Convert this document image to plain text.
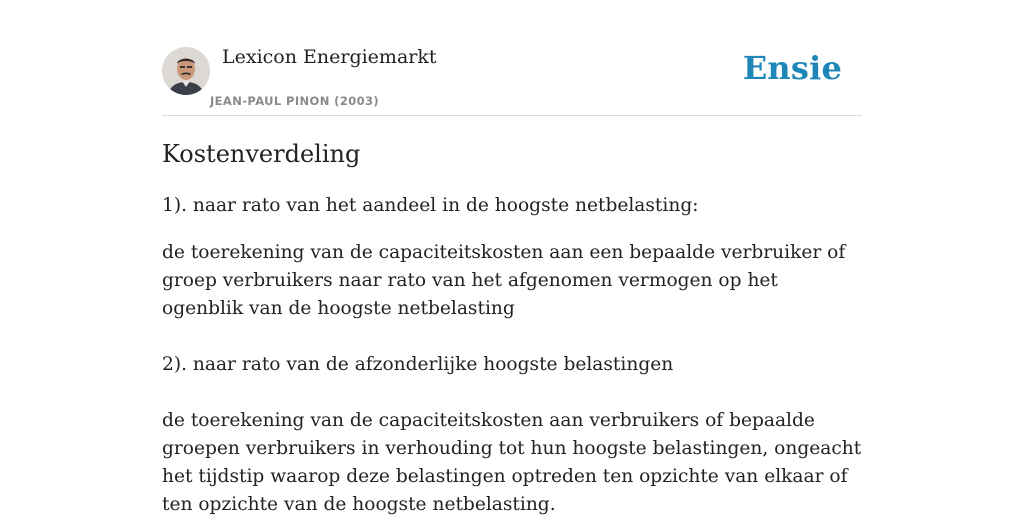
Lexicon Energiemarkt
JEAN-PAUL PINON (2003)
Ensie
Kostenverdeling

1). naar rato van het aandeel in de hoogste netbelasting:

de toerekening van de capaciteitskosten aan een bepaalde verbruiker of groep verbruikers naar rato van het afgenomen vermogen op het ogenblik van de hoogste netbelasting

2). naar rato van de afzonderlijke hoogste belastingen

de toerekening van de capaciteitskosten aan verbruikers of bepaalde groepen verbruikers in verhouding tot hun hoogste belastingen, ongeacht het tijdstip waarop deze belastingen optreden ten opzichte van elkaar of ten opzichte van de hoogste netbelasting.
